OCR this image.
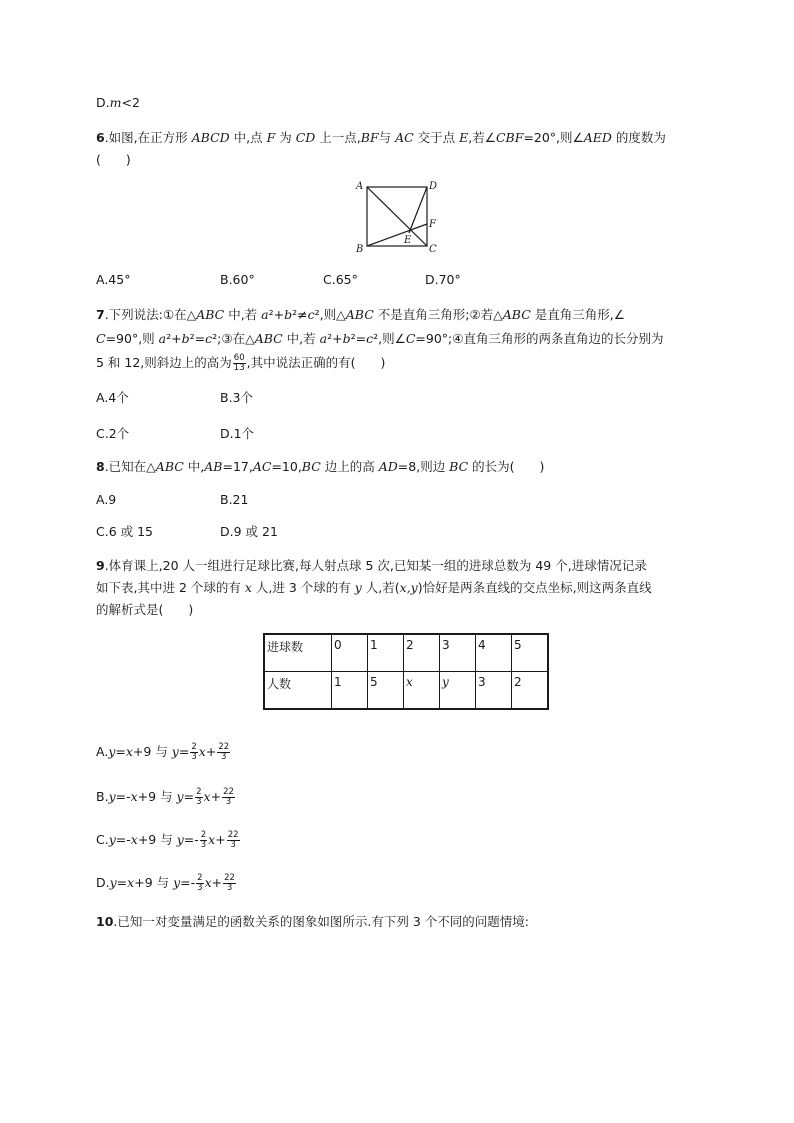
D.m<2
6.如图,在正方形 ABCD 中,点 F 为 CD 上一点,BF与 AC 交于点 E,若∠CBF=20°,则∠AED 的度数为
(　　)
A	D
B	C
E
F
A.45°	B.60°	C.65°	D.70°
7.下列说法:①在△ABC 中,若 a²+b²≠c²,则△ABC 不是直角三角形;②若△ABC 是直角三角形,∠
C=90°,则 a²+b²=c²;③在△ABC 中,若 a²+b²=c²,则∠C=90°;④直角三角形的两条直角边的长分别为
5 和 12,则斜边上的高为 $\frac{60}{13}$ ,其中说法正确的有(　　)
A.4个	B.3个
C.2个	D.1个
8.已知在△ABC 中,AB=17,AC=10,BC 边上的高 AD=8,则边 BC 的长为(　　)
A.9	B.21
C.6 或 15	D.9 或 21
9.体育课上,20 人一组进行足球比赛,每人射点球 5 次,已知某一组的进球总数为 49 个,进球情况记录
如下表,其中进 2 个球的有 x 人,进 3 个球的有 y 人,若(x,y)恰好是两条直线的交点坐标,则这两条直线
的解析式是(　　)
进球数	0	1	2	3	4	5
人数	1	5	x	y	3	2
A.y=x+9 与 $y= \frac{2}{3} x+ \frac{22}{3}$
B.y=-x+9 与 $y= \frac{2}{3} x+ \frac{22}{3}$
C.y=-x+9 与 $y=- \frac{2}{3} x+ \frac{22}{3}$
D.y=x+9 与 $y=- \frac{2}{3} x+ \frac{22}{3}$
10.已知一对变量满足的函数关系的图象如图所示.有下列 3 个不同的问题情境:
